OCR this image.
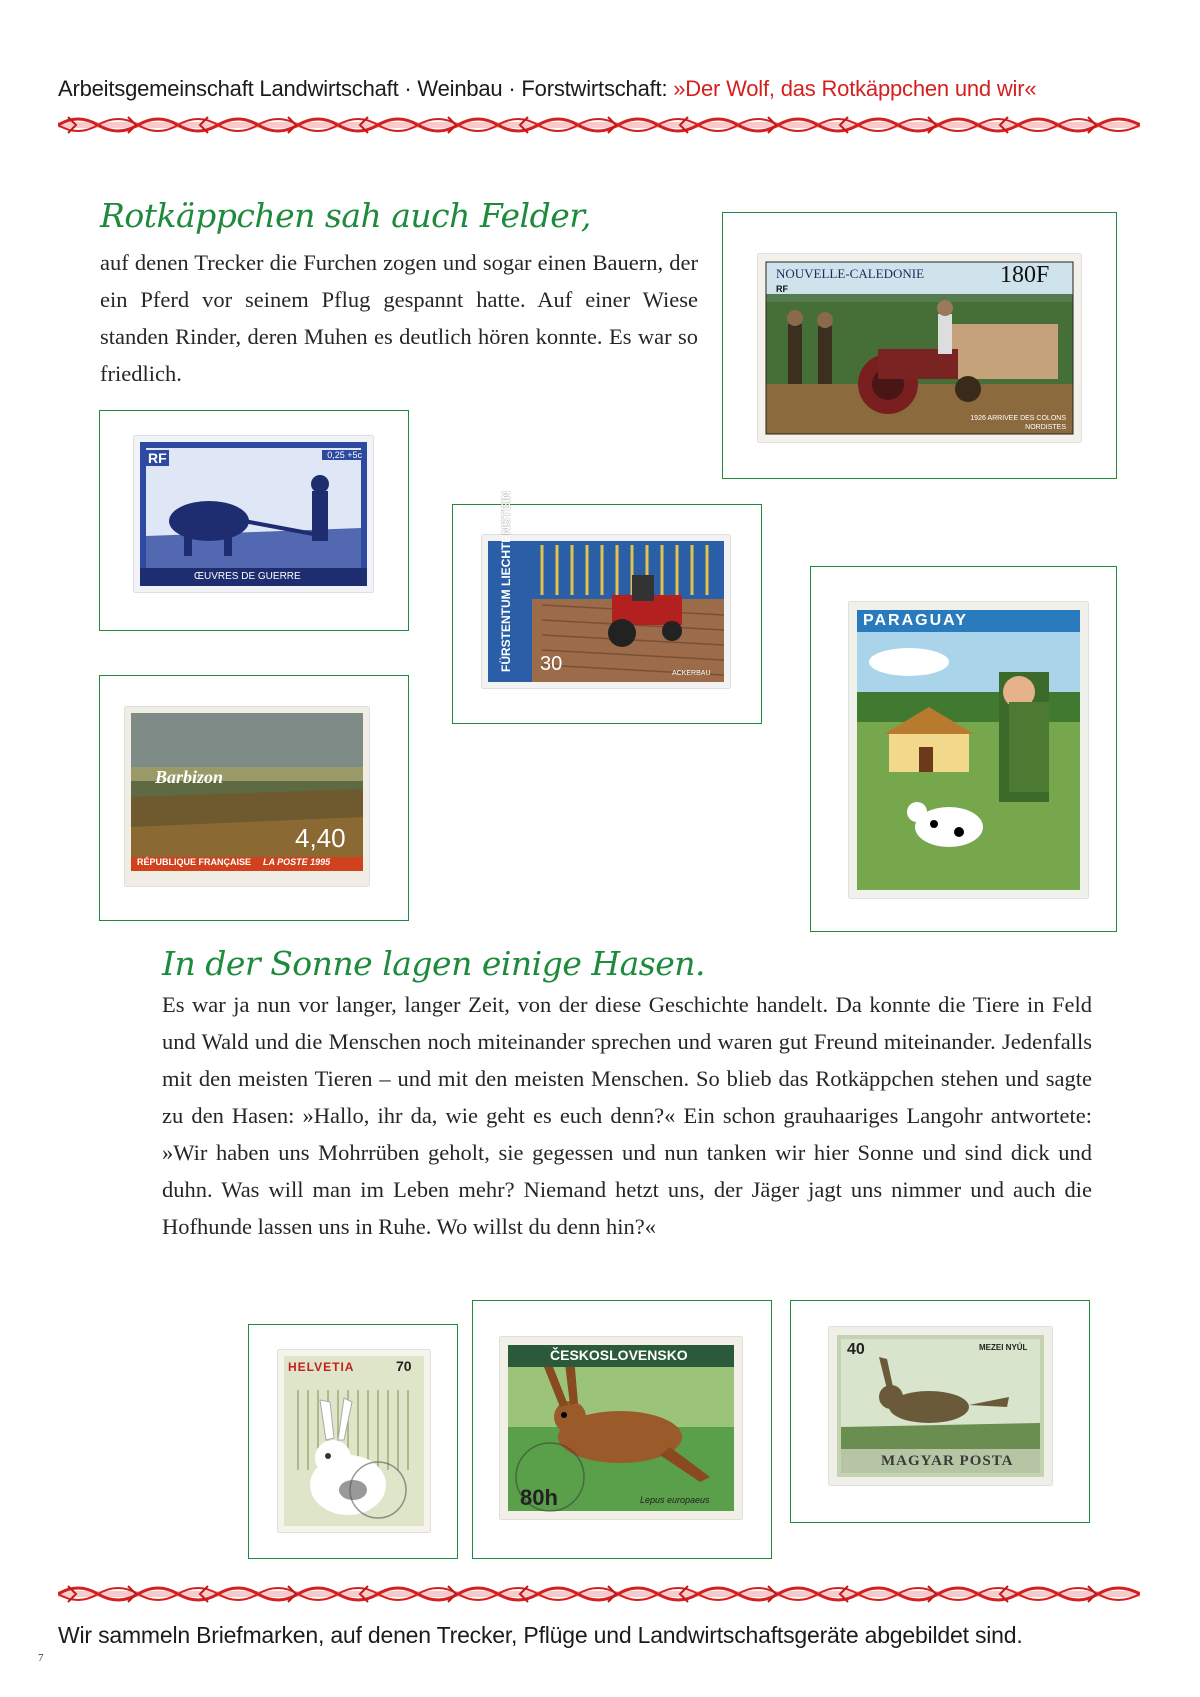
Arbeitsgemeinschaft Landwirtschaft · Weinbau · Forstwirtschaft: »Der Wolf, das Rotkäppchen und wir«
Rotkäppchen sah auch Felder,
auf denen Trecker die Furchen zogen und sogar einen Bauern, der ein Pferd vor seinem Pflug gespannt hatte. Auf einer Wiese standen Rinder, deren Muhen es deutlich hören konnte. Es war so friedlich.
NOUVELLE-CALEDONIE	180F
RF
1926 ARRIVEE DES COLONS NORDISTES
RF	0,25 +5c
ŒUVRES DE GUERRE	FÜRSTENTUM LIECHTENSTEIN 30	ACKERBAU
PARAGUAY
Barbizon
4,40
RÉPUBLIQUE FRANÇAISE LA POSTE 1995
In der Sonne lagen einige Hasen.
Es war ja nun vor langer, langer Zeit, von der diese Geschichte handelt. Da konnte die Tiere in Feld und Wald und die Menschen noch miteinander sprechen und waren gut Freund miteinander. Jedenfalls mit den meisten Tieren – und mit den meisten Menschen. So blieb das Rotkäppchen stehen und sagte zu den Hasen: »Hallo, ihr da, wie geht es euch denn?« Ein schon grauhaariges Langohr antwortete: »Wir haben uns Mohrrüben geholt, sie gegessen und nun tanken wir hier Sonne und sind dick und duhn. Was will man im Leben mehr? Niemand hetzt uns, der Jäger jagt uns nimmer und auch die Hofhunde lassen uns in Ruhe. Wo willst du denn hin?«
HELVETIA	70
ČESKOSLOVENSKO
80h	Lepus europaeus
40	MEZEI NYÚL
MAGYAR POSTA
Wir sammeln Briefmarken, auf denen Trecker, Pflüge und Landwirtschaftsgeräte abgebildet sind.
7
